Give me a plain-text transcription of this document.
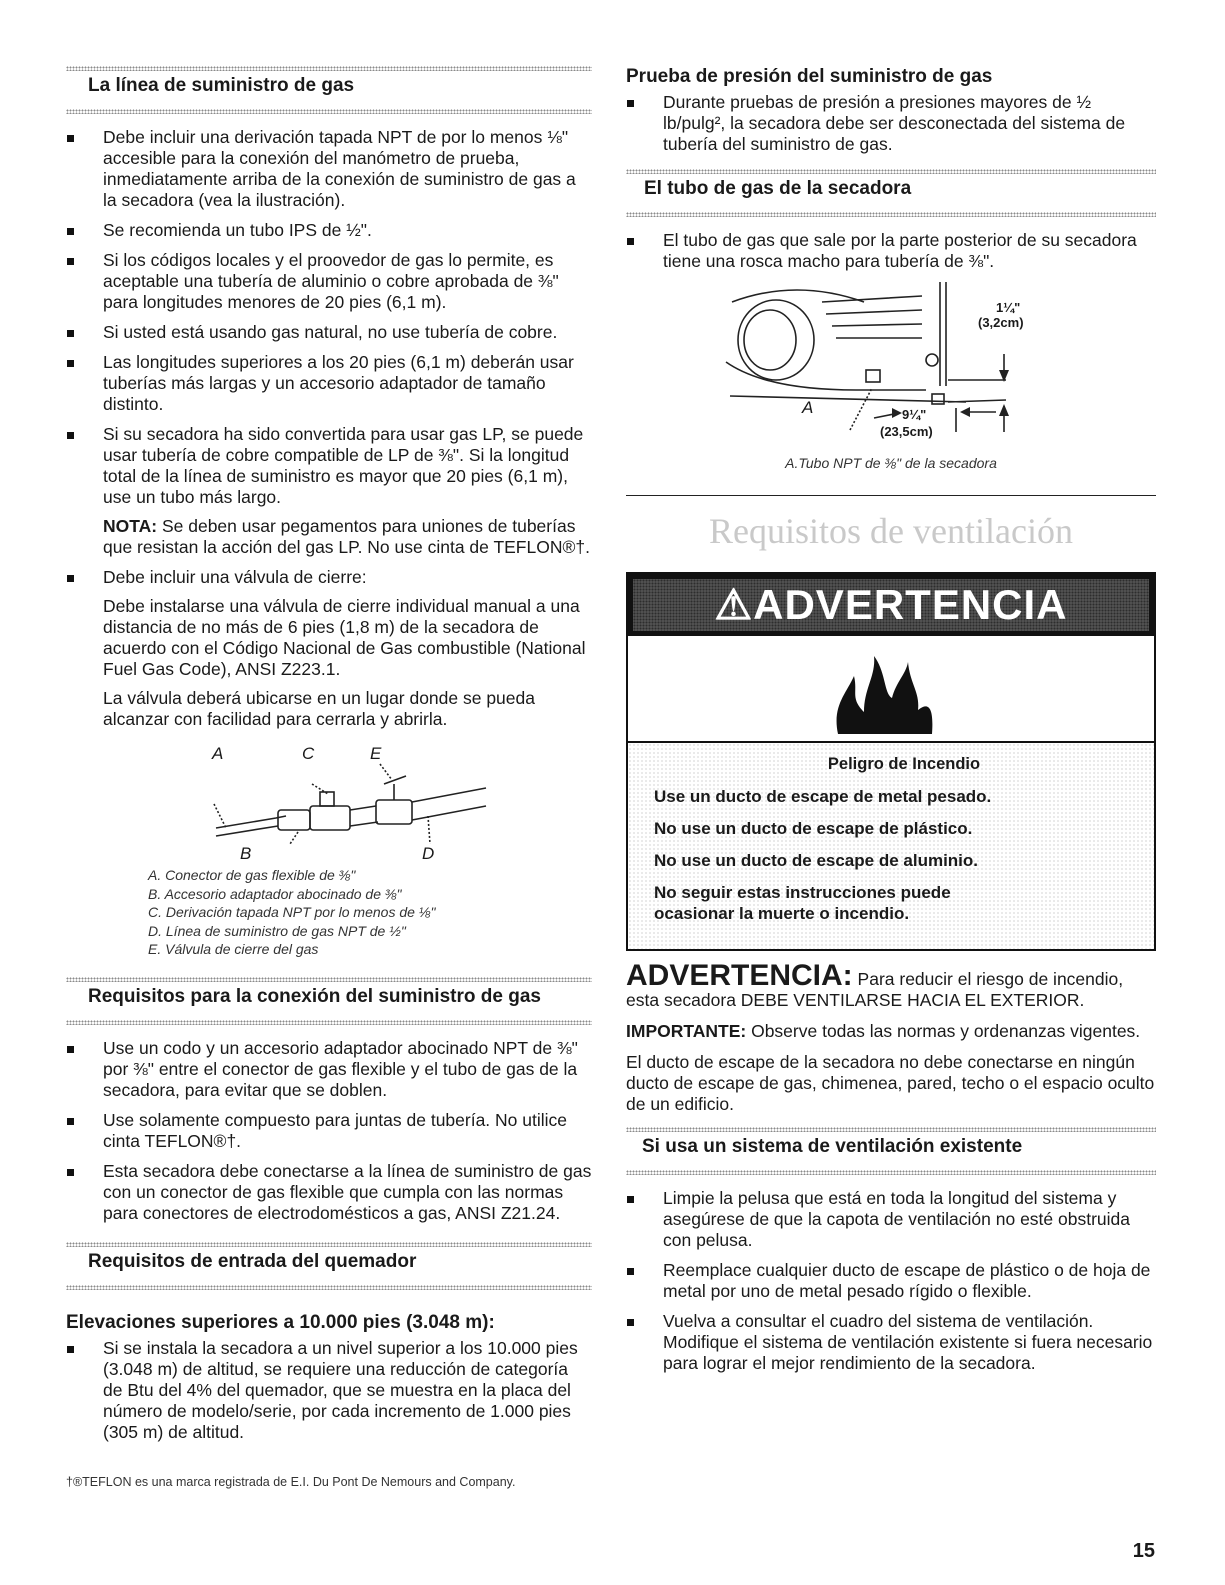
La línea de suministro de gas
Debe incluir una derivación tapada NPT de por lo menos ⅛" accesible para la conexión del manómetro de prueba, inmediatamente arriba de la conexión de suministro de gas a la secadora (vea la ilustración).
Se recomienda un tubo IPS de ½".
Si los códigos locales y el proovedor de gas lo permite, es aceptable una tubería de aluminio o cobre aprobada de ⅜" para longitudes menores de 20 pies (6,1 m).
Si usted está usando gas natural, no use tubería de cobre.
Las longitudes superiores a los 20 pies (6,1 m) deberán usar tuberías más largas y un accesorio adaptador de tamaño distinto.
Si su secadora ha sido convertida para usar gas LP, se puede usar tubería de cobre compatible de LP de ⅜". Si la longitud total de la línea de suministro es mayor que 20 pies (6,1 m), use un tubo más largo.

NOTA: Se deben usar pegamentos para uniones de tuberías que resistan la acción del gas LP. No use cinta de TEFLON®†.

Debe incluir una válvula de cierre:

Debe instalarse una válvula de cierre individual manual a una distancia de no más de 6 pies (1,8 m) de la secadora de acuerdo con el Código Nacional de Gas combustible (National Fuel Gas Code), ANSI Z223.1.

La válvula deberá ubicarse en un lugar donde se pueda alcanzar con facilidad para cerrarla y abrirla.

A	C	E
B	D
A. Conector de gas flexible de ⅜"
B. Accesorio adaptador abocinado de ⅜"
C. Derivación tapada NPT por lo menos de ⅛"
D. Línea de suministro de gas NPT de ½"
E. Válvula de cierre del gas
Requisitos para la conexión del suministro de gas
Use un codo y un accesorio adaptador abocinado NPT de ⅜" por ⅜" entre el conector de gas flexible y el tubo de gas de la secadora, para evitar que se doblen.
Use solamente compuesto para juntas de tubería. No utilice cinta TEFLON®†.
Esta secadora debe conectarse a la línea de suministro de gas con un conector de gas flexible que cumpla con las normas para conectores de electrodomésticos a gas, ANSI Z21.24.
Requisitos de entrada del quemador
Elevaciones superiores a 10.000 pies (3.048 m):
Si se instala la secadora a un nivel superior a los 10.000 pies (3.048 m) de altitud, se requiere una reducción de categoría de Btu del 4% del quemador, que se muestra en la placa del número de modelo/serie, por cada incremento de 1.000 pies (305 m) de altitud.
Prueba de presión del suministro de gas
Durante pruebas de presión a presiones mayores de ½ lb/pulg², la secadora debe ser desconectada del sistema de tubería del suministro de gas.
El tubo de gas de la secadora
El tubo de gas que sale por la parte posterior de su secadora tiene una rosca macho para tubería de ⅜".
1¼"
(3,2cm)
9¼"
(23,5cm)
A
A.Tubo NPT de ⅜" de la secadora
Requisitos de ventilación
⚠ADVERTENCIA
Peligro de Incendio

Use un ducto de escape de metal pesado.

No use un ducto de escape de plástico.

No use un ducto de escape de aluminio.

No seguir estas instrucciones puede ocasionar la muerte o incendio.

ADVERTENCIA: Para reducir el riesgo de incendio, esta secadora DEBE VENTILARSE HACIA EL EXTERIOR.

IMPORTANTE: Observe todas las normas y ordenanzas vigentes.

El ducto de escape de la secadora no debe conectarse en ningún ducto de escape de gas, chimenea, pared, techo o el espacio oculto de un edificio.

Si usa un sistema de ventilación existente
Limpie la pelusa que está en toda la longitud del sistema y asegúrese de que la capota de ventilación no esté obstruida con pelusa.
Reemplace cualquier ducto de escape de plástico o de hoja de metal por uno de metal pesado rígido o flexible.
Vuelva a consultar el cuadro del sistema de ventilación. Modifique el sistema de ventilación existente si fuera necesario para lograr el mejor rendimiento de la secadora.
†®TEFLON es una marca registrada de E.I. Du Pont De Nemours and Company.
15
